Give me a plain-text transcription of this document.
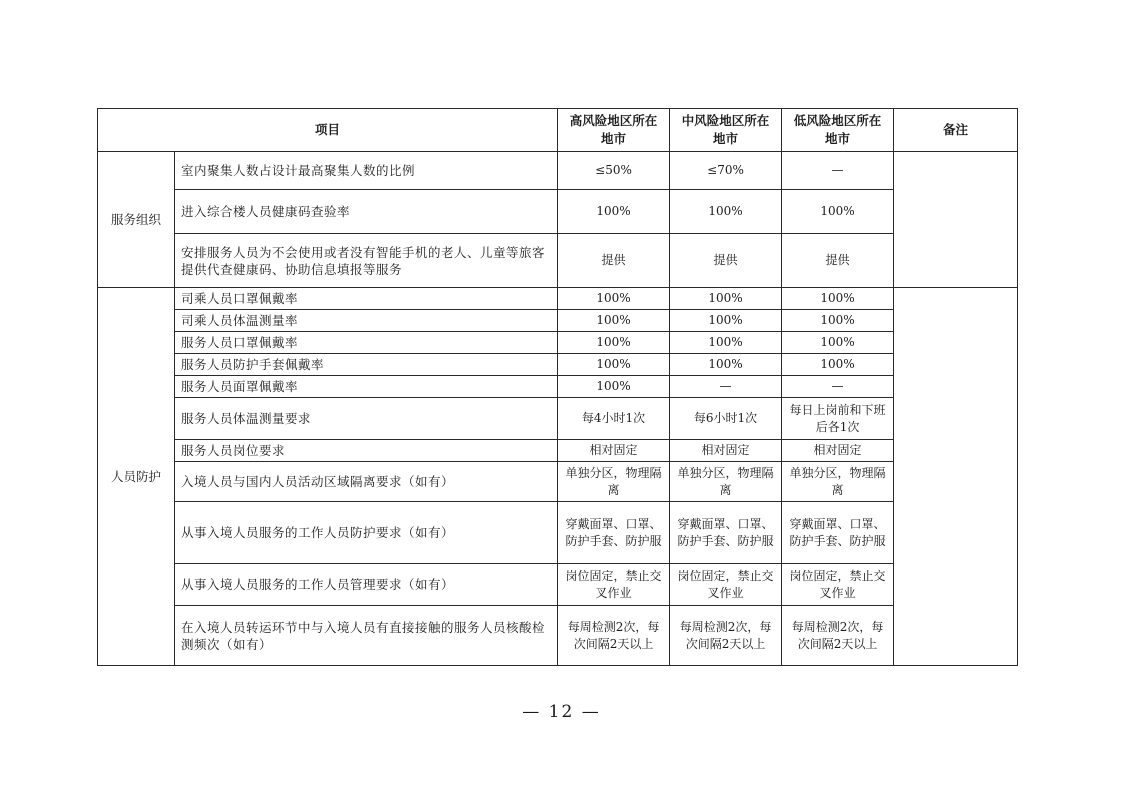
项目		高风险地区所在地市	中风险地区所在地市	低风险地区所在地市	备注
服务组织	室内聚集人数占设计最高聚集人数的比例	≤50%	≤70%	—	
	进入综合楼人员健康码查验率	100%	100%	100%	
	安排服务人员为不会使用或者没有智能手机的老人、儿童等旅客提供代查健康码、协助信息填报等服务	提供	提供	提供	
人员防护	司乘人员口罩佩戴率	100%	100%	100%	
	司乘人员体温测量率	100%	100%	100%	
	服务人员口罩佩戴率	100%	100%	100%	
	服务人员防护手套佩戴率	100%	100%	100%	
	服务人员面罩佩戴率	100%	—	—	
	服务人员体温测量要求	每4小时1次	每6小时1次	每日上岗前和下班后各1次	
	服务人员岗位要求	相对固定	相对固定	相对固定	
	入境人员与国内人员活动区域隔离要求（如有）	单独分区，物理隔离	单独分区，物理隔离	单独分区，物理隔离	
	从事入境人员服务的工作人员防护要求（如有）	穿戴面罩、口罩、防护手套、防护服	穿戴面罩、口罩、防护手套、防护服	穿戴面罩、口罩、防护手套、防护服	
	从事入境人员服务的工作人员管理要求（如有）	岗位固定，禁止交叉作业	岗位固定，禁止交叉作业	岗位固定，禁止交叉作业	
	在入境人员转运环节中与入境人员有直接接触的服务人员核酸检测频次（如有）	每周检测2次，每次间隔2天以上	每周检测2次，每次间隔2天以上	每周检测2次，每次间隔2天以上	
— 12 —
